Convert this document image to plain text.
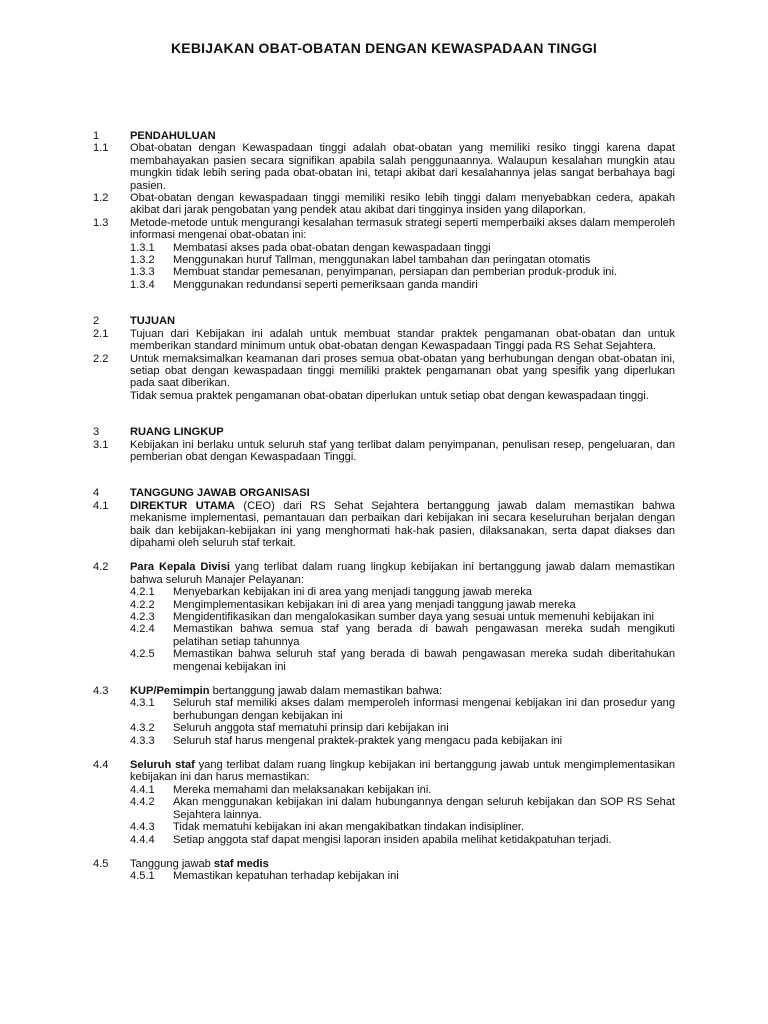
KEBIJAKAN OBAT-OBATAN DENGAN KEWASPADAAN TINGGI
1	PENDAHULUAN
1.1	Obat-obatan dengan Kewaspadaan tinggi adalah obat-obatan yang memiliki resiko tinggi karena dapat membahayakan pasien secara signifikan apabila salah penggunaannya. Walaupun kesalahan mungkin atau mungkin tidak lebih sering pada obat-obatan ini, tetapi akibat dari kesalahannya jelas sangat berbahaya bagi pasien.
1.2	Obat-obatan dengan kewaspadaan tinggi memiliki resiko lebih tinggi dalam menyebabkan cedera, apakah akibat dari jarak pengobatan yang pendek atau akibat dari tingginya insiden yang dilaporkan.
1.3	Metode-metode untuk mengurangi kesalahan termasuk strategi seperti memperbaiki akses dalam memperoleh informasi mengenai obat-obatan ini:
1.3.1	Membatasi akses pada obat-obatan dengan kewaspadaan tinggi
1.3.2	Menggunakan huruf Tallman, menggunakan label tambahan dan peringatan otomatis
1.3.3	Membuat standar pemesanan, penyimpanan, persiapan dan pemberian produk-produk ini.
1.3.4	Menggunakan redundansi seperti pemeriksaan ganda mandiri
2	TUJUAN
2.1	Tujuan dari Kebijakan ini adalah untuk membuat standar praktek pengamanan obat-obatan dan untuk memberikan standard minimum untuk obat-obatan dengan Kewaspadaan Tinggi pada RS Sehat Sejahtera.
2.2	Untuk memaksimalkan keamanan dari proses semua obat-obatan yang berhubungan dengan obat-obatan ini, setiap obat dengan kewaspadaan tinggi memiliki praktek pengamanan obat yang spesifik yang diperlukan pada saat diberikan.
Tidak semua praktek pengamanan obat-obatan diperlukan untuk setiap obat dengan kewaspadaan tinggi.
3	RUANG LINGKUP
3.1	Kebijakan ini berlaku untuk seluruh staf yang terlibat dalam penyimpanan, penulisan resep, pengeluaran, dan pemberian obat dengan Kewaspadaan Tinggi.
4	TANGGUNG JAWAB ORGANISASI
4.1	DIREKTUR UTAMA (CEO) dari RS Sehat Sejahtera bertanggung jawab dalam memastikan bahwa mekanisme implementasi, pemantauan dan perbaikan dari kebijakan ini secara keseluruhan berjalan dengan baik dan kebijakan-kebijakan ini yang menghormati hak-hak pasien, dilaksanakan, serta dapat diakses dan dipahami oleh seluruh staf terkait.
4.2	Para Kepala Divisi yang terlibat dalam ruang lingkup kebijakan ini bertanggung jawab dalam memastikan bahwa seluruh Manajer Pelayanan:
4.2.1	Menyebarkan kebijakan ini di area yang menjadi tanggung jawab mereka
4.2.2	Mengimplementasikan kebijakan ini di area yang menjadi tanggung jawab mereka
4.2.3	Mengidentifikasikan dan mengalokasikan sumber daya yang sesuai untuk memenuhi kebijakan ini
4.2.4	Memastikan bahwa semua staf yang berada di bawah pengawasan mereka sudah mengikuti pelatihan setiap tahunnya
4.2.5	Memastikan bahwa seluruh staf yang berada di bawah pengawasan mereka sudah diberitahukan mengenai kebijakan ini
4.3	KUP/Pemimpin bertanggung jawab dalam memastikan bahwa:
4.3.1	Seluruh staf memiliki akses dalam memperoleh informasi mengenai kebijakan ini dan prosedur yang berhubungan dengan kebijakan ini
4.3.2	Seluruh anggota staf mematuhi prinsip dari kebijakan ini
4.3.3	Seluruh staf harus mengenal praktek-praktek yang mengacu pada kebijakan ini
4.4	Seluruh staf yang terlibat dalam ruang lingkup kebijakan ini bertanggung jawab untuk mengimplementasikan kebijakan ini dan harus memastikan:
4.4.1	Mereka memahami dan melaksanakan kebijakan ini.
4.4.2	Akan menggunakan kebijakan ini dalam hubungannya dengan seluruh kebijakan dan SOP RS Sehat Sejahtera lainnya.
4.4.3	Tidak mematuhi kebijakan ini akan mengakibatkan tindakan indisipliner.
4.4.4	Setiap anggota staf dapat mengisi laporan insiden apabila melihat ketidakpatuhan terjadi.
4.5	Tanggung jawab staf medis
4.5.1	Memastikan kepatuhan terhadap kebijakan ini
